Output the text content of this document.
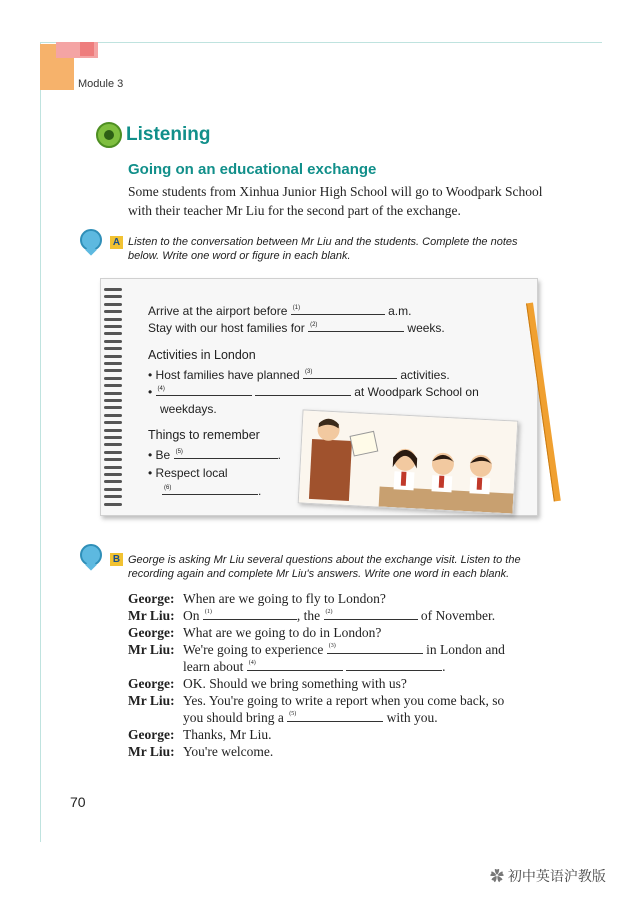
Module 3
Listening
Going on an educational exchange
Some students from Xinhua Junior High School will go to Woodpark School with their teacher Mr Liu for the second part of the exchange.
A Listen to the conversation between Mr Liu and the students. Complete the notes below. Write one word or figure in each blank.
Arrive at the airport before (1)	a.m.
Stay with our host families for (2)	weeks.
Activities in London
• Host families have planned (3)	activities.
• (4)	at Woodpark School on
weekdays.
Things to remember
• Be (5)	.
• Respect local
(6)	.
B George is asking Mr Liu several questions about the exchange visit. Listen to the recording again and complete Mr Liu's answers. Write one word in each blank.
George: When are we going to fly to London?
Mr Liu: On (1)	, the (2)	of November.
George: What are we going to do in London?
Mr Liu: We're going to experience (3)	in London and
learn about (4)	.
George: OK. Should we bring something with us?
Mr Liu: Yes. You're going to write a report when you come back, so
you should bring a (5)	with you.
George: Thanks, Mr Liu.
Mr Liu: You're welcome.
70
✿ 初中英语沪教版
